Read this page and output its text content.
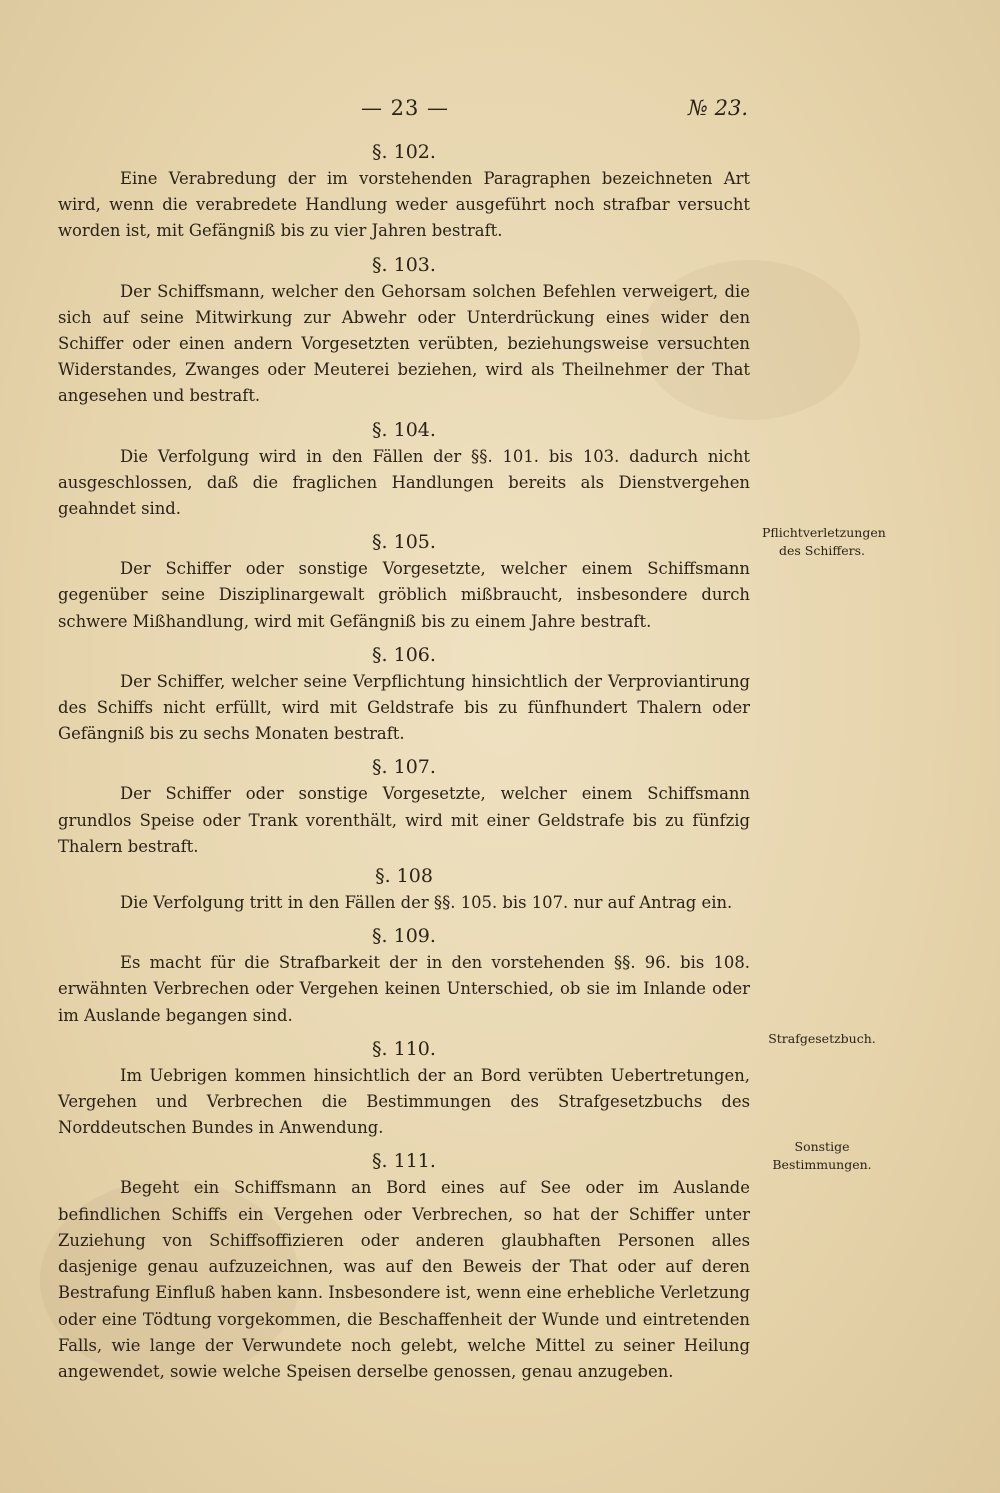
— 23 —	№ 23.
§. 102.

Eine Verabredung der im vorstehenden Paragraphen bezeichneten Art wird, wenn die verabredete Handlung weder ausgeführt noch strafbar versucht worden ist, mit Gefängniß bis zu vier Jahren bestraft.

§. 103.

Der Schiffsmann, welcher den Gehorsam solchen Befehlen verweigert, die sich auf seine Mitwirkung zur Abwehr oder Unterdrückung eines wider den Schiffer oder einen andern Vorgesetzten verübten, beziehungsweise versuchten Widerstandes, Zwanges oder Meuterei beziehen, wird als Theilnehmer der That angesehen und bestraft.

§. 104.

Die Verfolgung wird in den Fällen der §§. 101. bis 103. dadurch nicht ausgeschlossen, daß die fraglichen Handlungen bereits als Dienstvergehen geahndet sind.

§. 105.

Der Schiffer oder sonstige Vorgesetzte, welcher einem Schiffsmann gegenüber seine Disziplinargewalt gröblich mißbraucht, insbesondere durch schwere Mißhandlung, wird mit Gefängniß bis zu einem Jahre bestraft.

§. 106.

Der Schiffer, welcher seine Verpflichtung hinsichtlich der Verproviantirung des Schiffs nicht erfüllt, wird mit Geldstrafe bis zu fünfhundert Thalern oder Gefängniß bis zu sechs Monaten bestraft.

§. 107.

Der Schiffer oder sonstige Vorgesetzte, welcher einem Schiffsmann grundlos Speise oder Trank vorenthält, wird mit einer Geldstrafe bis zu fünfzig Thalern bestraft.

§. 108

Die Verfolgung tritt in den Fällen der §§. 105. bis 107. nur auf Antrag ein.

§. 109.

Es macht für die Strafbarkeit der in den vorstehenden §§. 96. bis 108. erwähnten Verbrechen oder Vergehen keinen Unterschied, ob sie im Inlande oder im Auslande begangen sind.

§. 110.

Im Uebrigen kommen hinsichtlich der an Bord verübten Uebertretungen, Vergehen und Verbrechen die Bestimmungen des Strafgesetzbuchs des Norddeutschen Bundes in Anwendung.

§. 111.

Begeht ein Schiffsmann an Bord eines auf See oder im Auslande befindlichen Schiffs ein Vergehen oder Verbrechen, so hat der Schiffer unter Zuziehung von Schiffsoffizieren oder anderen glaubhaften Personen alles dasjenige genau aufzuzeichnen, was auf den Beweis der That oder auf deren Bestrafung Einfluß haben kann. Insbesondere ist, wenn eine erhebliche Verletzung oder eine Tödtung vorgekommen, die Beschaffenheit der Wunde und eintretenden Falls, wie lange der Verwundete noch gelebt, welche Mittel zu seiner Heilung angewendet, sowie welche Speisen derselbe genossen, genau anzugeben.

Pflichtverletzungen des Schiffers.
Strafgesetzbuch.
Sonstige Bestimmungen.
